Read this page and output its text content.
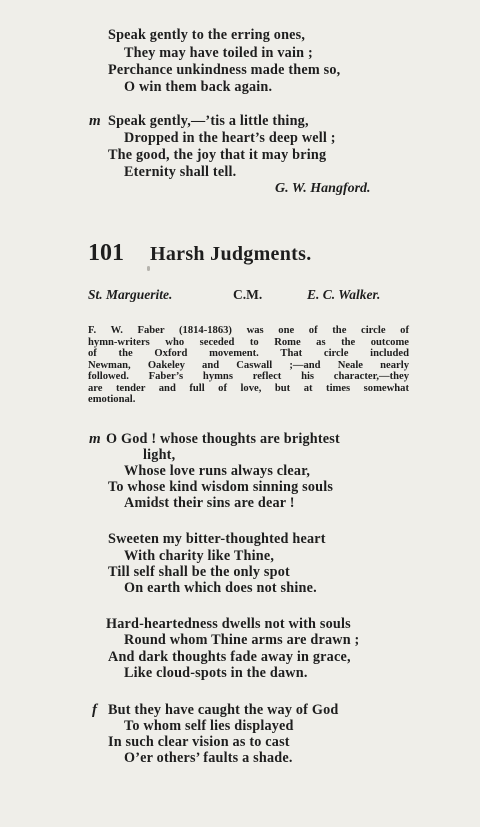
Speak gently to the erring ones,
They may have toiled in vain ;
Perchance unkindness made them so,
O win them back again.
m Speak gently,—’tis a little thing,
Dropped in the heart’s deep well ;
The good, the joy that it may bring
Eternity shall tell.
G. W. Hangford.
101 Harsh Judgments.
St. Marguerite.	C.M.	E. C. Walker.
F. W. Faber (1814-1863) was one of the circle of
hymn-writers who seceded to Rome as the outcome
of the Oxford movement. That circle included
Newman, Oakeley and Caswall ;—and Neale nearly
followed. Faber’s hymns reflect his character,—they
are tender and full of love, but at times somewhat
emotional.
m O God ! whose thoughts are brightest
light,
Whose love runs always clear,
To whose kind wisdom sinning souls
Amidst their sins are dear !
Sweeten my bitter-thoughted heart
With charity like Thine,
Till self shall be the only spot
On earth which does not shine.
Hard-heartedness dwells not with souls
Round whom Thine arms are drawn ;
And dark thoughts fade away in grace,
Like cloud-spots in the dawn.
f But they have caught the way of God
To whom self lies displayed
In such clear vision as to cast
O’er others’ faults a shade.
